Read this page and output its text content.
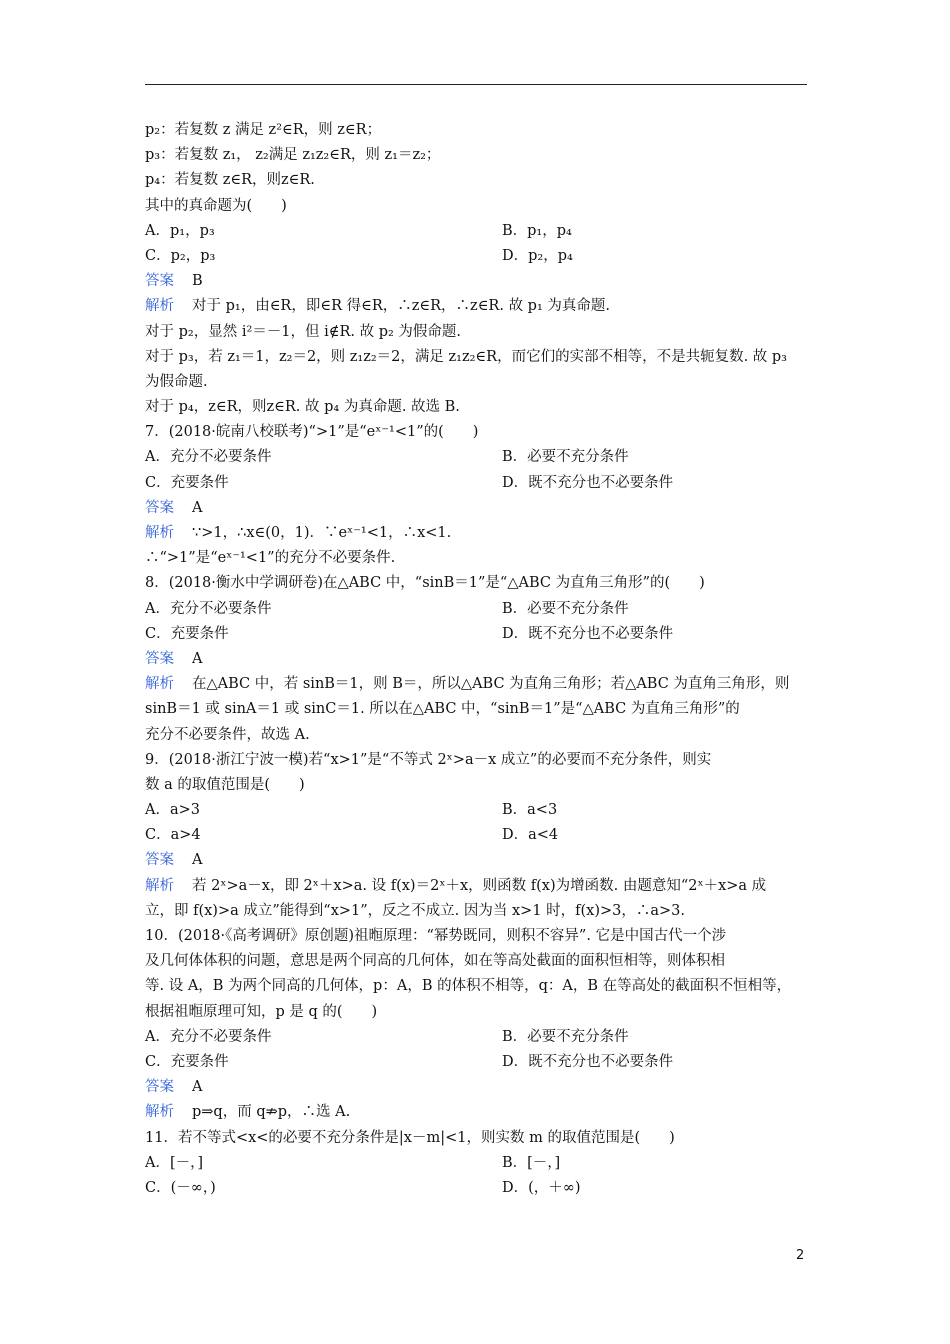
p₂：若复数 z 满足 z²∈R，则 z∈R；
p₃：若复数 z₁， z₂满足 z₁z₂∈R，则 z₁＝z₂；
p₄：若复数 z∈R，则z∈R.
其中的真命题为(　　)
A．p₁，p₃	B．p₁，p₄
C．p₂，p₃	D．p₂，p₄
答案 B
解析 对于 p₁，由∈R，即∈R 得∈R，∴z∈R，∴z∈R. 故 p₁ 为真命题.
对于 p₂，显然 i²＝－1，但 i∉R. 故 p₂ 为假命题.
对于 p₃，若 z₁＝1，z₂＝2，则 z₁z₂＝2，满足 z₁z₂∈R，而它们的实部不相等，不是共轭复数. 故 p₃
为假命题.
对于 p₄，z∈R，则z∈R. 故 p₄ 为真命题. 故选 B.
7．(2018·皖南八校联考)“>1”是“eˣ⁻¹<1”的(　　)
A．充分不必要条件	B．必要不充分条件
C．充要条件	D．既不充分也不必要条件
答案 A
解析 ∵>1，∴x∈(0，1)．∵eˣ⁻¹<1，∴x<1.
∴“>1”是“eˣ⁻¹<1”的充分不必要条件.
8．(2018·衡水中学调研卷)在△ABC 中，“sinB＝1”是“△ABC 为直角三角形”的(　　)
A．充分不必要条件	B．必要不充分条件
C．充要条件	D．既不充分也不必要条件
答案 A
解析 在△ABC 中，若 sinB＝1，则 B＝，所以△ABC 为直角三角形；若△ABC 为直角三角形，则
sinB＝1 或 sinA＝1 或 sinC＝1. 所以在△ABC 中，“sinB＝1”是“△ABC 为直角三角形”的
充分不必要条件，故选 A.
9．(2018·浙江宁波一模)若“x>1”是“不等式 2ˣ>a－x 成立”的必要而不充分条件，则实
数 a 的取值范围是(　　)
A．a>3	B．a<3
C．a>4	D．a<4
答案 A
解析 若 2ˣ>a－x，即 2ˣ＋x>a. 设 f(x)＝2ˣ＋x，则函数 f(x)为增函数. 由题意知“2ˣ＋x>a 成
立，即 f(x)>a 成立”能得到“x>1”，反之不成立. 因为当 x>1 时，f(x)>3，∴a>3.
10．(2018·《高考调研》原创题)祖暅原理：“幂势既同，则积不容异”. 它是中国古代一个涉
及几何体体积的问题，意思是两个同高的几何体，如在等高处截面的面积恒相等，则体积相
等. 设 A，B 为两个同高的几何体，p：A，B 的体积不相等，q：A，B 在等高处的截面积不恒相等，
根据祖暅原理可知，p 是 q 的(　　)
A．充分不必要条件	B．必要不充分条件
C．充要条件	D．既不充分也不必要条件
答案 A
解析 p⇒q，而 q⇏p，∴选 A.
11．若不等式<x<的必要不充分条件是|x－m|<1，则实数 m 的取值范围是(　　)
A．[－，]	B．[－，]
C．(－∞，)	D．(，＋∞)
2
